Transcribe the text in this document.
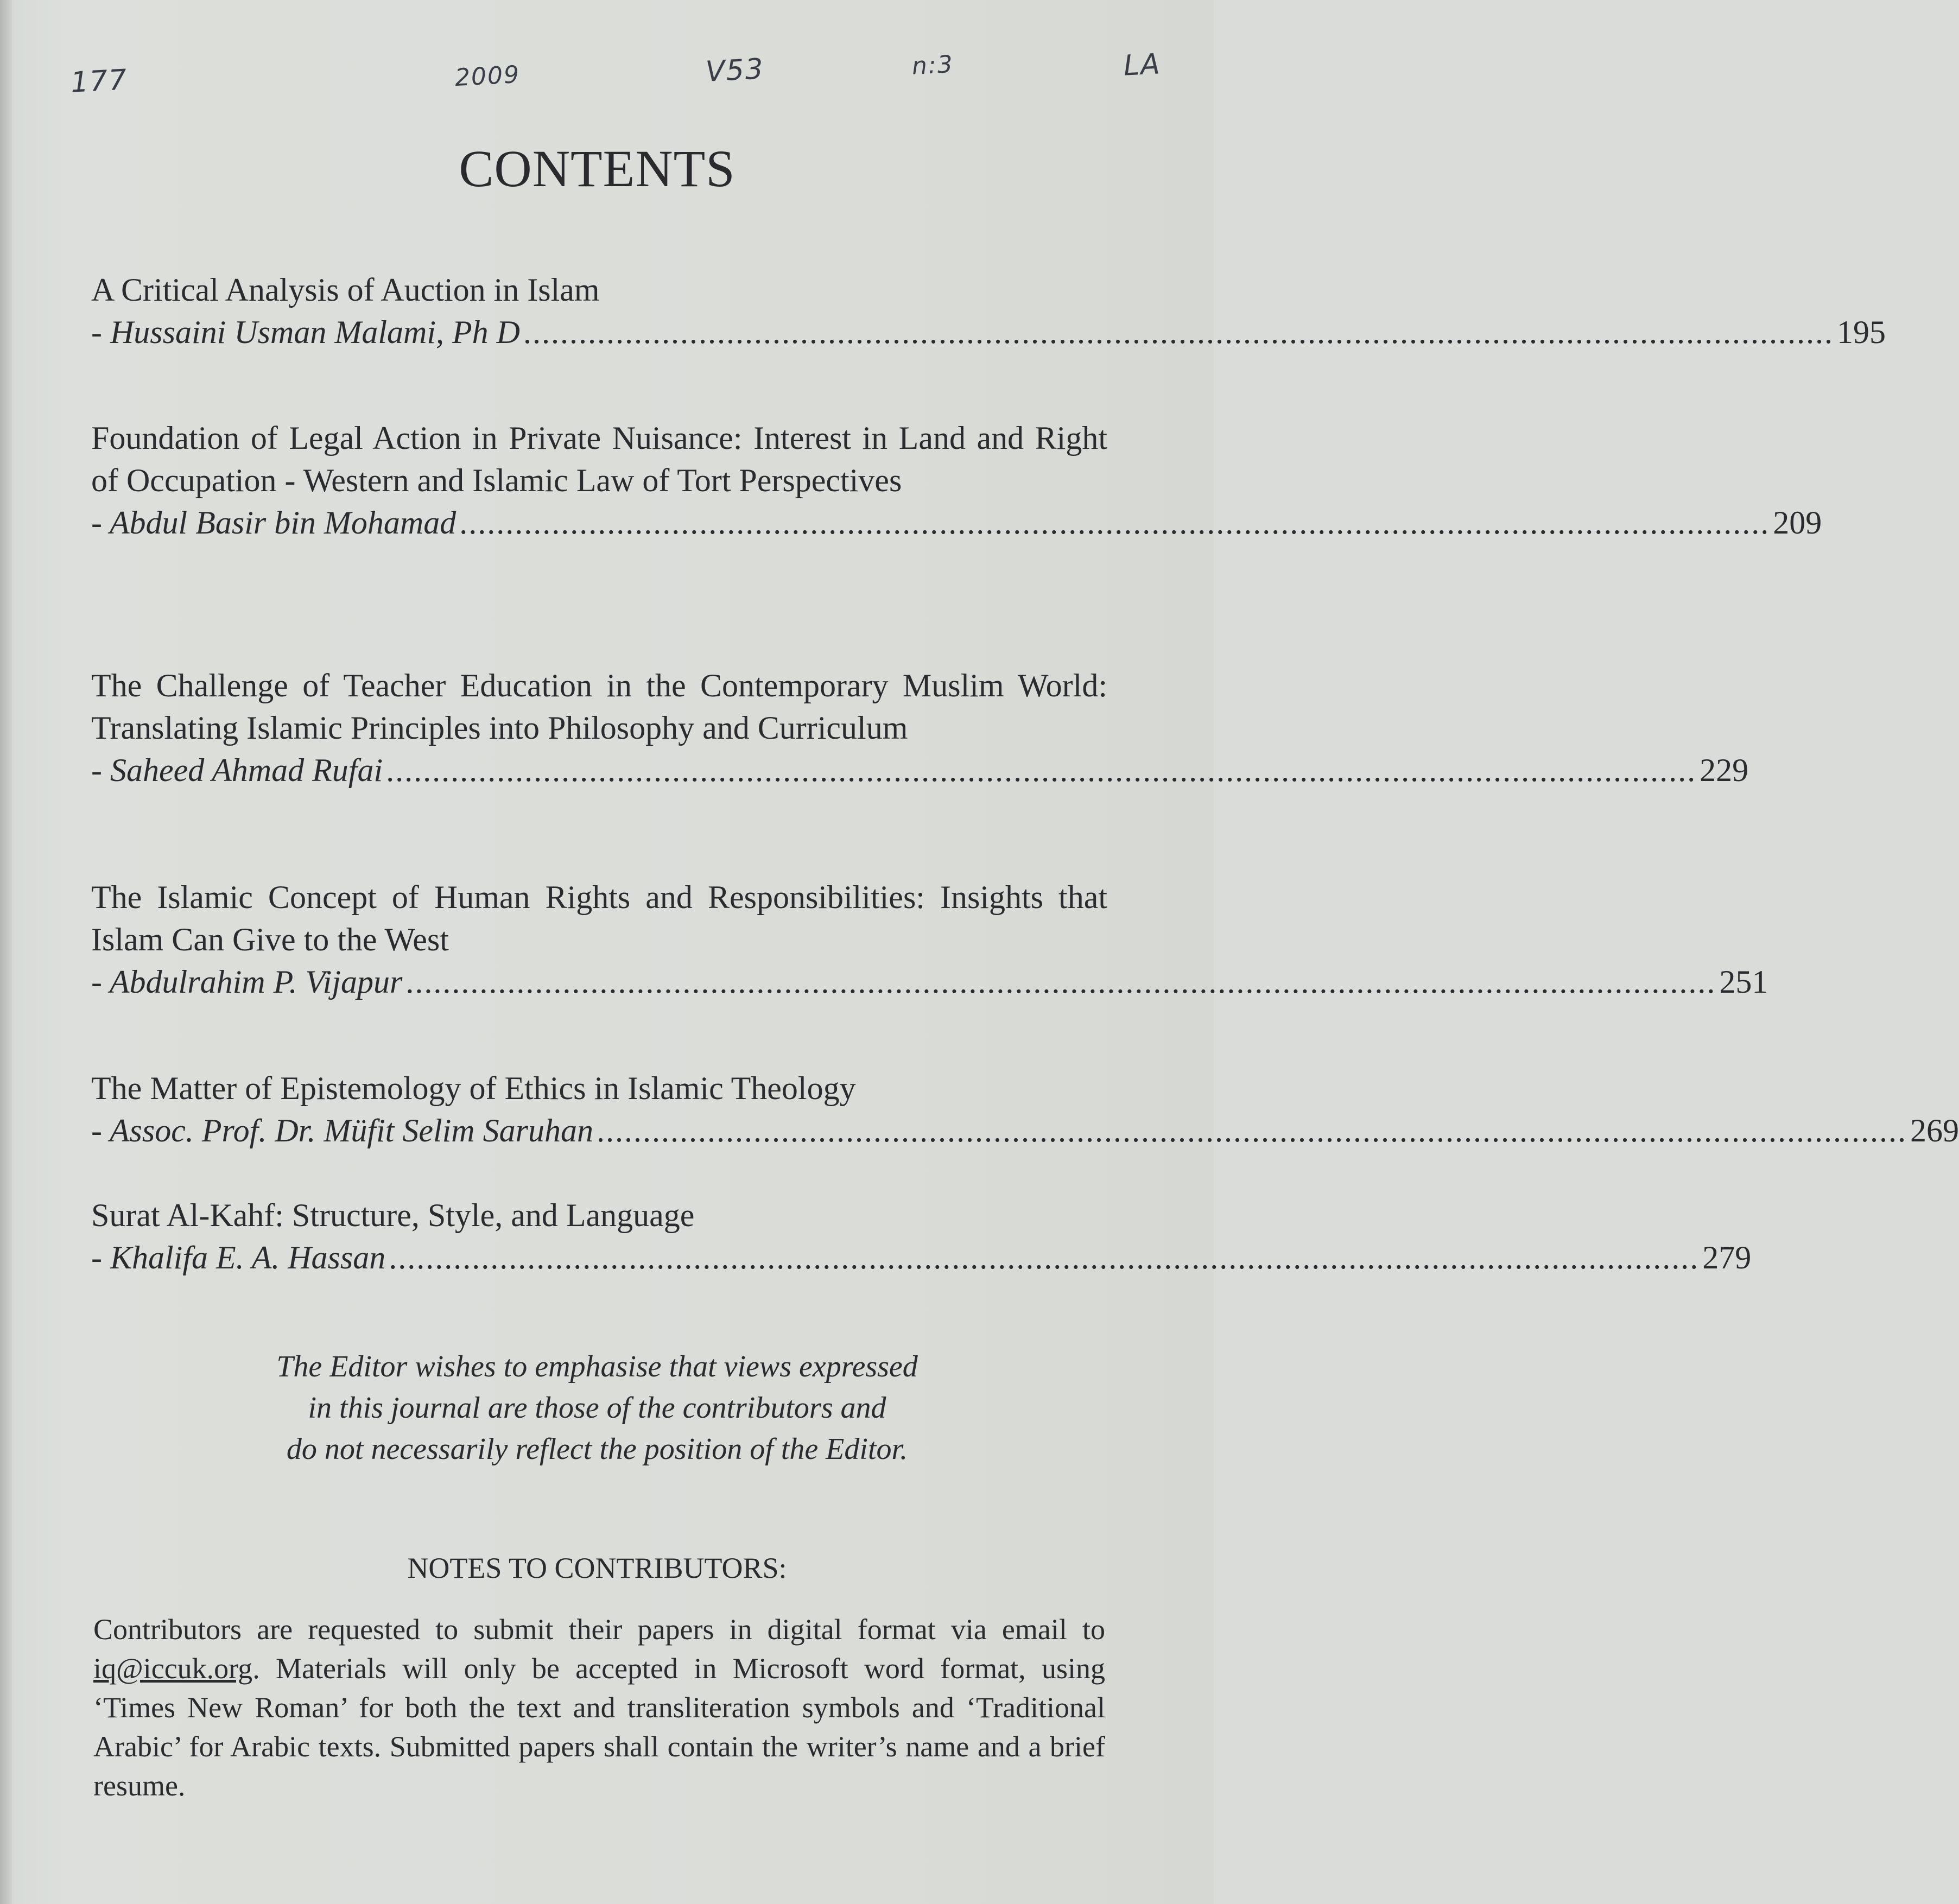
177	2009	V53	n:3	LA
CONTENTS
A Critical Analysis of Auction in Islam
- Hussaini Usman Malami, Ph D .............................................................................................................................................. 195
Foundation of Legal Action in Private Nuisance: Interest in Land and Right of Occupation - Western and Islamic Law of Tort Perspectives
- Abdul Basir bin Mohamad .............................................................................................................................................. 209
The Challenge of Teacher Education in the Contemporary Muslim World: Translating Islamic Principles into Philosophy and Curriculum
- Saheed Ahmad Rufai .............................................................................................................................................. 229
The Islamic Concept of Human Rights and Responsibilities: Insights that Islam Can Give to the West
- Abdulrahim P. Vijapur .............................................................................................................................................. 251
The Matter of Epistemology of Ethics in Islamic Theology
- Assoc. Prof. Dr. Müfit Selim Saruhan .............................................................................................................................................. 269
Surat Al-Kahf: Structure, Style, and Language
- Khalifa E. A. Hassan .............................................................................................................................................. 279
The Editor wishes to emphasise that views expressed
in this journal are those of the contributors and
do not necessarily reflect the position of the Editor.
NOTES TO CONTRIBUTORS:
Contributors are requested to submit their papers in digital format via email to iq@iccuk.org. Materials will only be accepted in Microsoft word format, using ‘Times New Roman’ for both the text and transliteration symbols and ‘Traditional Arabic’ for Arabic texts. Submitted papers shall contain the writer’s name and a brief resume.
